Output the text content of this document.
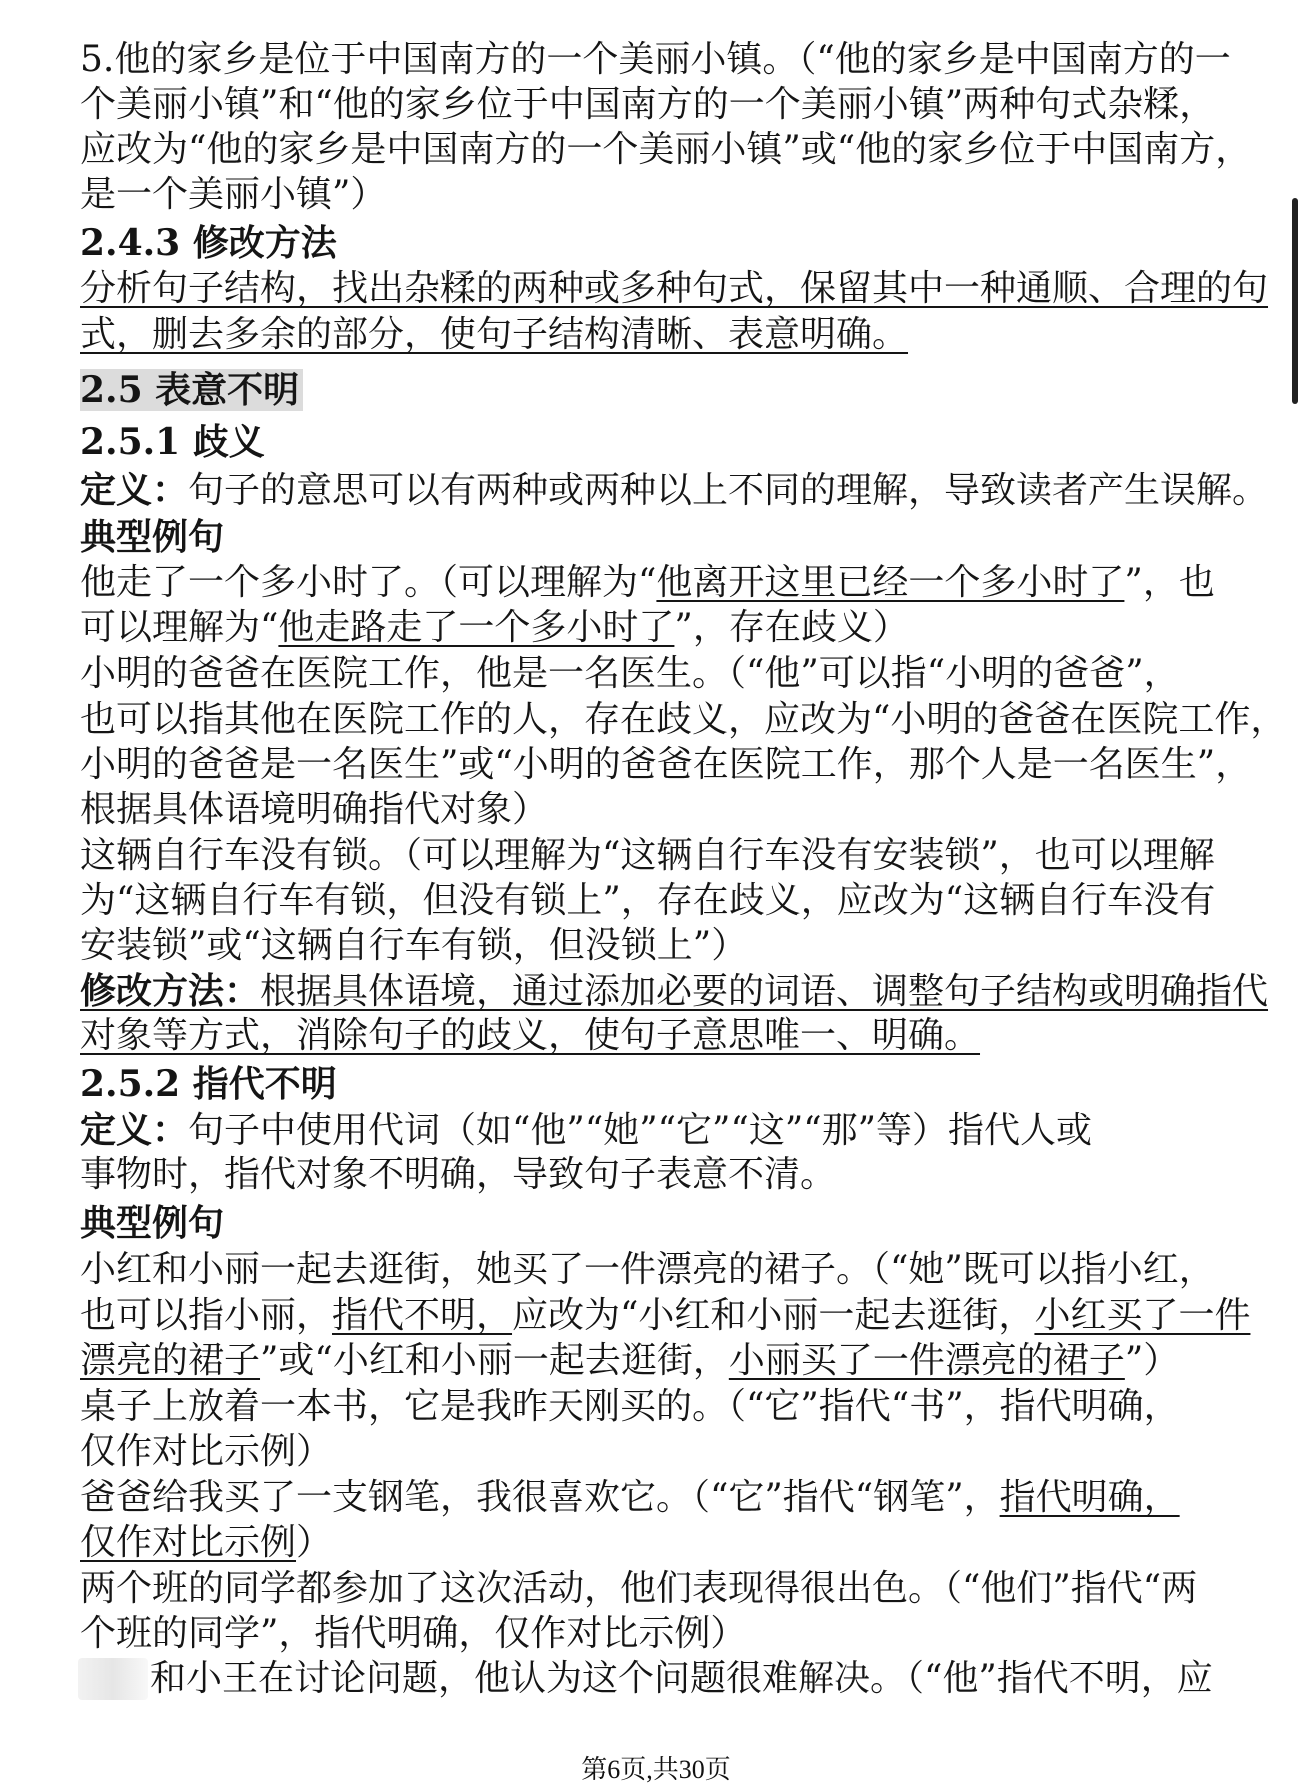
5.他的家乡是位于中国南方的一个美丽小镇。（“他的家乡是中国南方的一
个美丽小镇”和“他的家乡位于中国南方的一个美丽小镇”两种句式杂糅，
应改为“他的家乡是中国南方的一个美丽小镇”或“他的家乡位于中国南方，
是一个美丽小镇”）
2.4.3 修改方法
分析句子结构，找出杂糅的两种或多种句式，保留其中一种通顺、合理的句
式，删去多余的部分，使句子结构清晰、表意明确。
2.5 表意不明
2.5.1 歧义
定义：句子的意思可以有两种或两种以上不同的理解，导致读者产生误解。
典型例句
他走了一个多小时了。（可以理解为“他离开这里已经一个多小时了”，也
可以理解为“他走路走了一个多小时了”，存在歧义）
小明的爸爸在医院工作，他是一名医生。（“他”可以指“小明的爸爸”，
也可以指其他在医院工作的人，存在歧义，应改为“小明的爸爸在医院工作，
小明的爸爸是一名医生”或“小明的爸爸在医院工作，那个人是一名医生”，
根据具体语境明确指代对象）
这辆自行车没有锁。（可以理解为“这辆自行车没有安装锁”，也可以理解
为“这辆自行车有锁，但没有锁上”，存在歧义，应改为“这辆自行车没有
安装锁”或“这辆自行车有锁，但没锁上”）
修改方法：根据具体语境，通过添加必要的词语、调整句子结构或明确指代
对象等方式，消除句子的歧义，使句子意思唯一、明确。
2.5.2 指代不明
定义：句子中使用代词（如“他”“她”“它”“这”“那”等）指代人或
事物时，指代对象不明确，导致句子表意不清。
典型例句
小红和小丽一起去逛街，她买了一件漂亮的裙子。（“她”既可以指小红，
也可以指小丽，指代不明，应改为“小红和小丽一起去逛街，小红买了一件
漂亮的裙子”或“小红和小丽一起去逛街，小丽买了一件漂亮的裙子”）
桌子上放着一本书，它是我昨天刚买的。（“它”指代“书”，指代明确，
仅作对比示例）
爸爸给我买了一支钢笔，我很喜欢它。（“它”指代“钢笔”，指代明确，
仅作对比示例）
两个班的同学都参加了这次活动，他们表现得很出色。（“他们”指代“两
个班的同学”，指代明确，仅作对比示例）
和小王在讨论问题，他认为这个问题很难解决。（“他”指代不明，应
第6页,共30页
